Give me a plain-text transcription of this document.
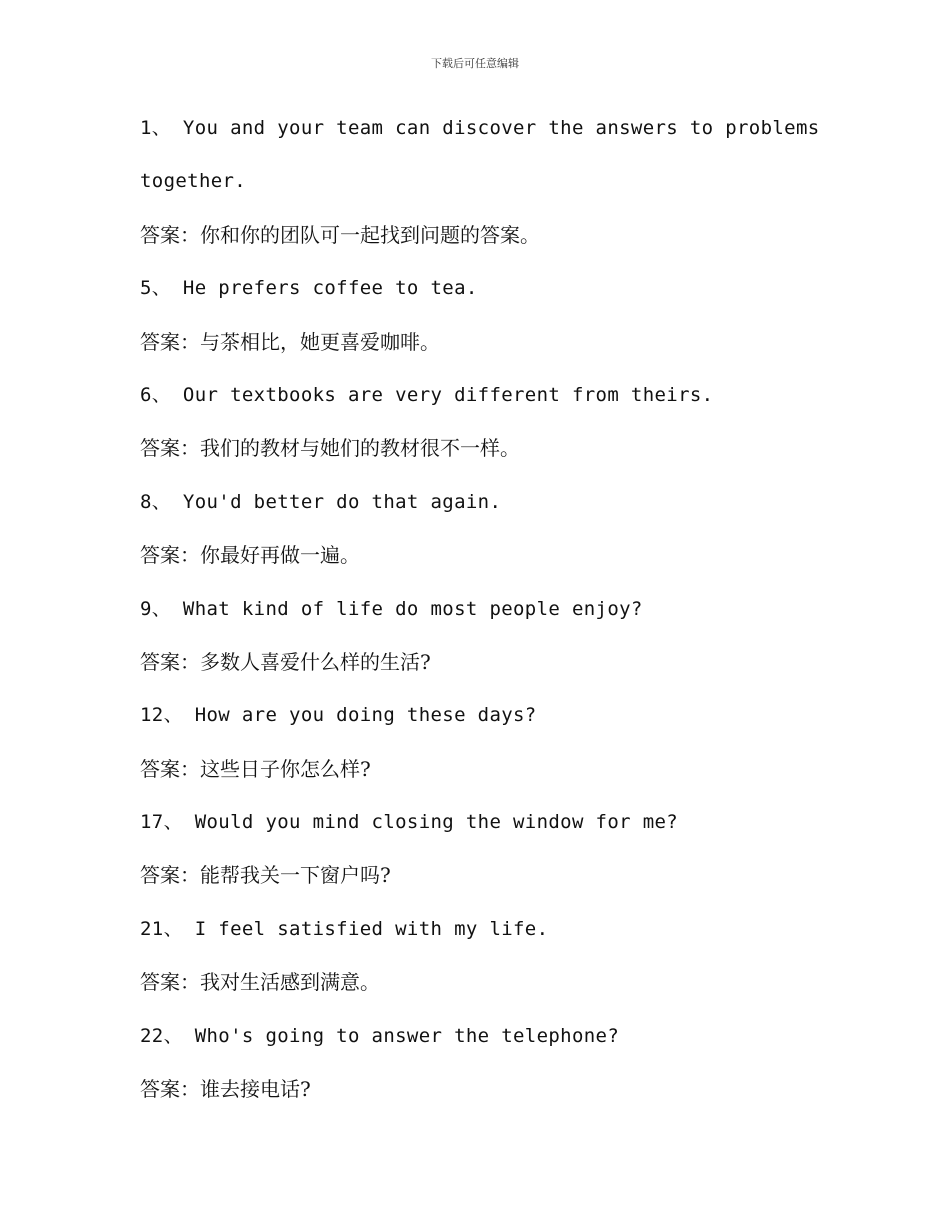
下载后可任意编辑
1、 You and your team can discover the answers to problems
together.
答案：你和你的团队可一起找到问题的答案。
5、 He prefers coffee to tea.
答案：与茶相比，她更喜爱咖啡。
6、 Our textbooks are very different from theirs.
答案：我们的教材与她们的教材很不一样。
8、 You'd better do that again.
答案：你最好再做一遍。
9、 What kind of life do most people enjoy?
答案：多数人喜爱什么样的生活?
12、 How are you doing these days?
答案：这些日子你怎么样?
17、 Would you mind closing the window for me?
答案：能帮我关一下窗户吗?
21、 I feel satisfied with my life.
答案：我对生活感到满意。
22、 Who's going to answer the telephone?
答案：谁去接电话?
